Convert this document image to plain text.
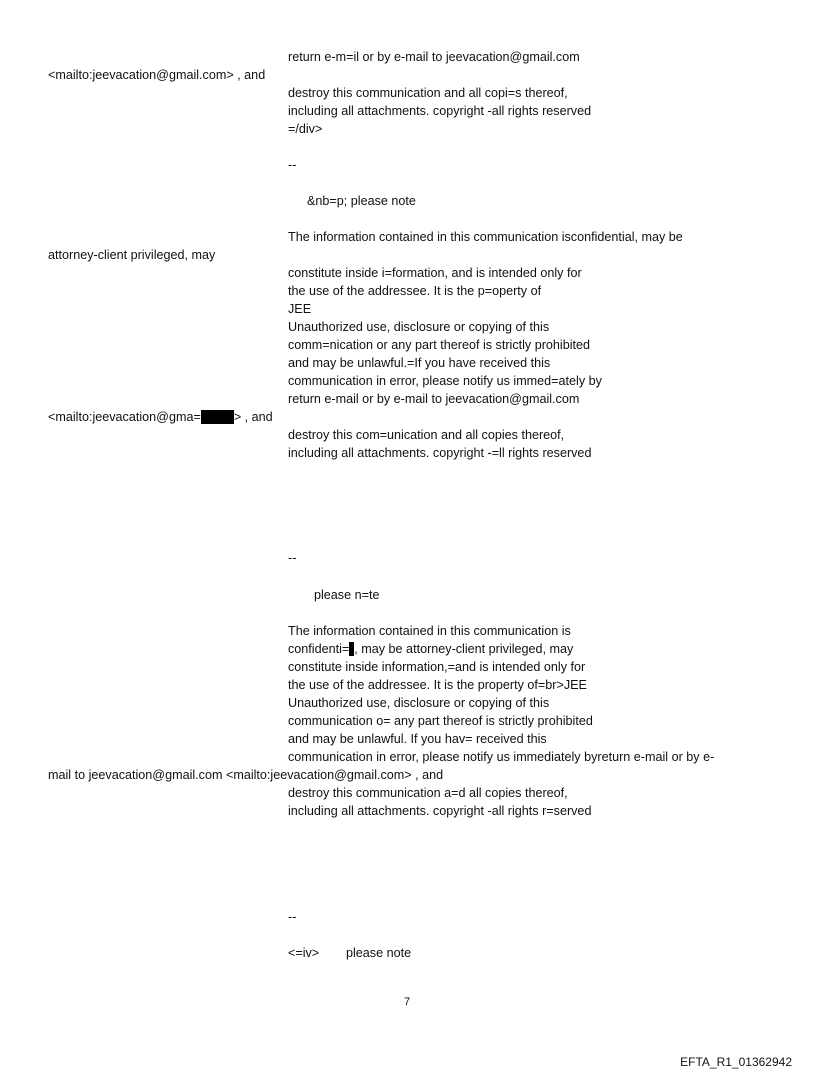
return e-m=il or by e-mail to jeevacation@gmail.com
<mailto:jeevacation@gmail.com> , and
destroy this communication and all copi=s thereof,
including all attachments. copyright -all rights reserved
=/div>
--
&nb=p; please note
The information contained in this communication isconfidential, may be
attorney-client privileged, may
constitute inside i=formation, and is intended only for
the use of the addressee. It is the p=operty of
JEE
Unauthorized use, disclosure or copying of this
comm=nication or any part thereof is strictly prohibited
and may be unlawful.=If you have received this
communication in error, please notify us immed=ately by
return e-mail or by e-mail to jeevacation@gmail.com
<mailto:jeevacation@gma=	> , and
destroy this com=unication and all copies thereof,
including all attachments. copyright -=ll rights reserved
--
please n=te
The information contained in this communication is
confidenti= , may be attorney-client privileged, may
constitute inside information,=and is intended only for
the use of the addressee. It is the property of=br>JEE
Unauthorized use, disclosure or copying of this
communication o= any part thereof is strictly prohibited
and may be unlawful. If you hav= received this
communication in error, please notify us immediately byreturn e-mail or by e-
mail to jeevacation@gmail.com <mailto:jeevacation@gmail.com> , and
destroy this communication a=d all copies thereof,
including all attachments. copyright -all rights r=served
--
<=iv> please note
7
EFTA_R1_01362942
